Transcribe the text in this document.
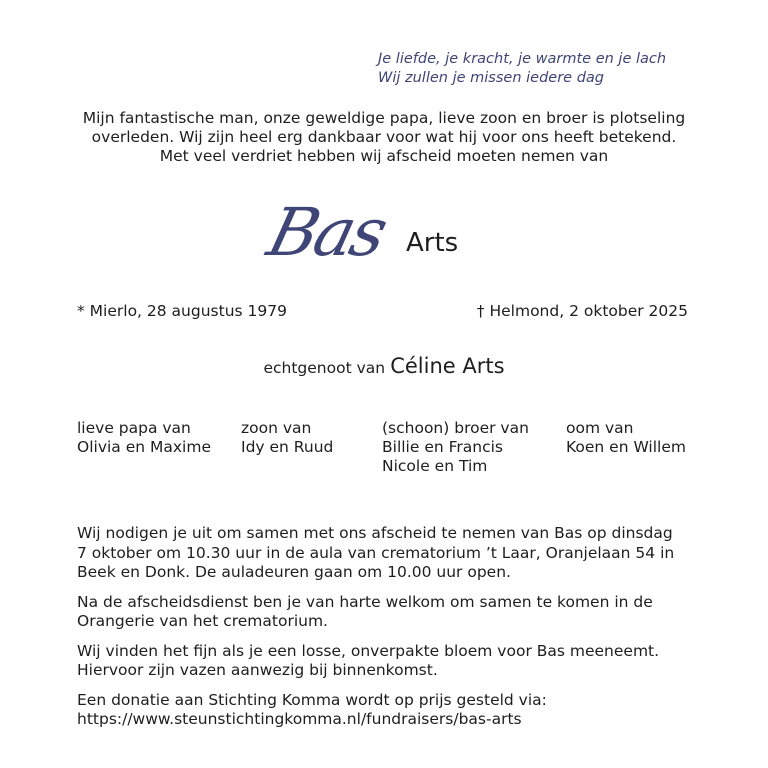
Je liefde, je kracht, je warmte en je lach
Wij zullen je missen iedere dag
Mijn fantastische man, onze geweldige papa, lieve zoon en broer is plotseling
overleden. Wij zijn heel erg dankbaar voor wat hij voor ons heeft betekend.
Met veel verdriet hebben wij afscheid moeten nemen van
Bas Arts
* Mierlo, 28 augustus 1979	† Helmond, 2 oktober 2025
echtgenoot van Céline Arts
lieve papa van
Olivia en Maxime
zoon van
Idy en Ruud
(schoon) broer van
Billie en Francis
Nicole en Tim
oom van
Koen en Willem

Wij nodigen je uit om samen met ons afscheid te nemen van Bas op dinsdag
7 oktober om 10.30 uur in de aula van crematorium ’t Laar, Oranjelaan 54 in
Beek en Donk. De auladeuren gaan om 10.00 uur open.

Na de afscheidsdienst ben je van harte welkom om samen te komen in de
Orangerie van het crematorium.

Wij vinden het fijn als je een losse, onverpakte bloem voor Bas meeneemt.
Hiervoor zijn vazen aanwezig bij binnenkomst.

Een donatie aan Stichting Komma wordt op prijs gesteld via:
https://www.steunstichtingkomma.nl/fundraisers/bas-arts
